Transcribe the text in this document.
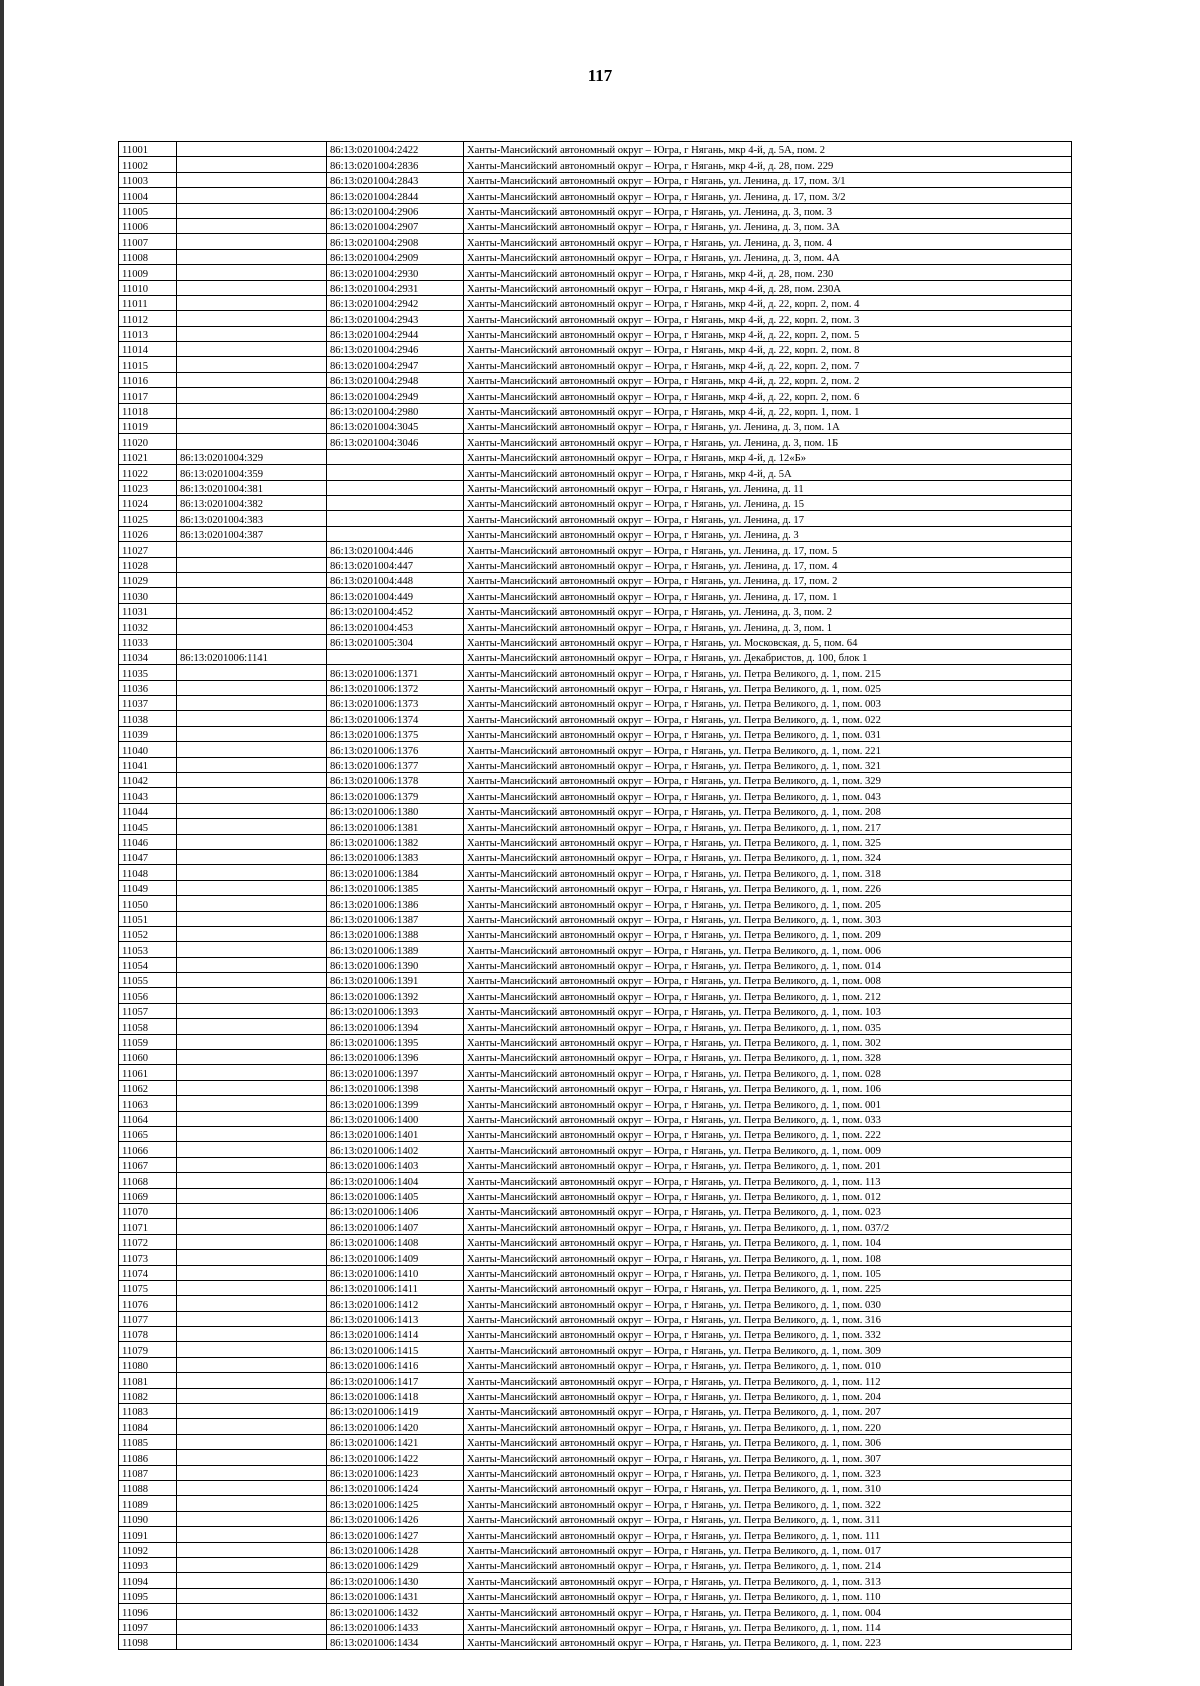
117
11001		86:13:0201004:2422	Ханты-Мансийский автономный округ – Югра, г Нягань, мкр 4-й, д. 5А, пом. 2
11002		86:13:0201004:2836	Ханты-Мансийский автономный округ – Югра, г Нягань, мкр 4-й, д. 28, пом. 229
11003		86:13:0201004:2843	Ханты-Мансийский автономный округ – Югра, г Нягань, ул. Ленина, д. 17, пом. 3/1
11004		86:13:0201004:2844	Ханты-Мансийский автономный округ – Югра, г Нягань, ул. Ленина, д. 17, пом. 3/2
11005		86:13:0201004:2906	Ханты-Мансийский автономный округ – Югра, г Нягань, ул. Ленина, д. 3, пом. 3
11006		86:13:0201004:2907	Ханты-Мансийский автономный округ – Югра, г Нягань, ул. Ленина, д. 3, пом. 3А
11007		86:13:0201004:2908	Ханты-Мансийский автономный округ – Югра, г Нягань, ул. Ленина, д. 3, пом. 4
11008		86:13:0201004:2909	Ханты-Мансийский автономный округ – Югра, г Нягань, ул. Ленина, д. 3, пом. 4А
11009		86:13:0201004:2930	Ханты-Мансийский автономный округ – Югра, г Нягань, мкр 4-й, д. 28, пом. 230
11010		86:13:0201004:2931	Ханты-Мансийский автономный округ – Югра, г Нягань, мкр 4-й, д. 28, пом. 230А
11011		86:13:0201004:2942	Ханты-Мансийский автономный округ – Югра, г Нягань, мкр 4-й, д. 22, корп. 2, пом. 4
11012		86:13:0201004:2943	Ханты-Мансийский автономный округ – Югра, г Нягань, мкр 4-й, д. 22, корп. 2, пом. 3
11013		86:13:0201004:2944	Ханты-Мансийский автономный округ – Югра, г Нягань, мкр 4-й, д. 22, корп. 2, пом. 5
11014		86:13:0201004:2946	Ханты-Мансийский автономный округ – Югра, г Нягань, мкр 4-й, д. 22, корп. 2, пом. 8
11015		86:13:0201004:2947	Ханты-Мансийский автономный округ – Югра, г Нягань, мкр 4-й, д. 22, корп. 2, пом. 7
11016		86:13:0201004:2948	Ханты-Мансийский автономный округ – Югра, г Нягань, мкр 4-й, д. 22, корп. 2, пом. 2
11017		86:13:0201004:2949	Ханты-Мансийский автономный округ – Югра, г Нягань, мкр 4-й, д. 22, корп. 2, пом. 6
11018		86:13:0201004:2980	Ханты-Мансийский автономный округ – Югра, г Нягань, мкр 4-й, д. 22, корп. 1, пом. 1
11019		86:13:0201004:3045	Ханты-Мансийский автономный округ – Югра, г Нягань, ул. Ленина, д. 3, пом. 1А
11020		86:13:0201004:3046	Ханты-Мансийский автономный округ – Югра, г Нягань, ул. Ленина, д. 3, пом. 1Б
11021	86:13:0201004:329		Ханты-Мансийский автономный округ – Югра, г Нягань, мкр 4-й, д. 12«Б»
11022	86:13:0201004:359		Ханты-Мансийский автономный округ – Югра, г Нягань, мкр 4-й, д. 5А
11023	86:13:0201004:381		Ханты-Мансийский автономный округ – Югра, г Нягань, ул. Ленина, д. 11
11024	86:13:0201004:382		Ханты-Мансийский автономный округ – Югра, г Нягань, ул. Ленина, д. 15
11025	86:13:0201004:383		Ханты-Мансийский автономный округ – Югра, г Нягань, ул. Ленина, д. 17
11026	86:13:0201004:387		Ханты-Мансийский автономный округ – Югра, г Нягань, ул. Ленина, д. 3
11027		86:13:0201004:446	Ханты-Мансийский автономный округ – Югра, г Нягань, ул. Ленина, д. 17, пом. 5
11028		86:13:0201004:447	Ханты-Мансийский автономный округ – Югра, г Нягань, ул. Ленина, д. 17, пом. 4
11029		86:13:0201004:448	Ханты-Мансийский автономный округ – Югра, г Нягань, ул. Ленина, д. 17, пом. 2
11030		86:13:0201004:449	Ханты-Мансийский автономный округ – Югра, г Нягань, ул. Ленина, д. 17, пом. 1
11031		86:13:0201004:452	Ханты-Мансийский автономный округ – Югра, г Нягань, ул. Ленина, д. 3, пом. 2
11032		86:13:0201004:453	Ханты-Мансийский автономный округ – Югра, г Нягань, ул. Ленина, д. 3, пом. 1
11033		86:13:0201005:304	Ханты-Мансийский автономный округ – Югра, г Нягань, ул. Московская, д. 5, пом. 64
11034	86:13:0201006:1141		Ханты-Мансийский автономный округ – Югра, г Нягань, ул. Декабристов, д. 100, блок 1
11035		86:13:0201006:1371	Ханты-Мансийский автономный округ – Югра, г Нягань, ул. Петра Великого, д. 1, пом. 215
11036		86:13:0201006:1372	Ханты-Мансийский автономный округ – Югра, г Нягань, ул. Петра Великого, д. 1, пом. 025
11037		86:13:0201006:1373	Ханты-Мансийский автономный округ – Югра, г Нягань, ул. Петра Великого, д. 1, пом. 003
11038		86:13:0201006:1374	Ханты-Мансийский автономный округ – Югра, г Нягань, ул. Петра Великого, д. 1, пом. 022
11039		86:13:0201006:1375	Ханты-Мансийский автономный округ – Югра, г Нягань, ул. Петра Великого, д. 1, пом. 031
11040		86:13:0201006:1376	Ханты-Мансийский автономный округ – Югра, г Нягань, ул. Петра Великого, д. 1, пом. 221
11041		86:13:0201006:1377	Ханты-Мансийский автономный округ – Югра, г Нягань, ул. Петра Великого, д. 1, пом. 321
11042		86:13:0201006:1378	Ханты-Мансийский автономный округ – Югра, г Нягань, ул. Петра Великого, д. 1, пом. 329
11043		86:13:0201006:1379	Ханты-Мансийский автономный округ – Югра, г Нягань, ул. Петра Великого, д. 1, пом. 043
11044		86:13:0201006:1380	Ханты-Мансийский автономный округ – Югра, г Нягань, ул. Петра Великого, д. 1, пом. 208
11045		86:13:0201006:1381	Ханты-Мансийский автономный округ – Югра, г Нягань, ул. Петра Великого, д. 1, пом. 217
11046		86:13:0201006:1382	Ханты-Мансийский автономный округ – Югра, г Нягань, ул. Петра Великого, д. 1, пом. 325
11047		86:13:0201006:1383	Ханты-Мансийский автономный округ – Югра, г Нягань, ул. Петра Великого, д. 1, пом. 324
11048		86:13:0201006:1384	Ханты-Мансийский автономный округ – Югра, г Нягань, ул. Петра Великого, д. 1, пом. 318
11049		86:13:0201006:1385	Ханты-Мансийский автономный округ – Югра, г Нягань, ул. Петра Великого, д. 1, пом. 226
11050		86:13:0201006:1386	Ханты-Мансийский автономный округ – Югра, г Нягань, ул. Петра Великого, д. 1, пом. 205
11051		86:13:0201006:1387	Ханты-Мансийский автономный округ – Югра, г Нягань, ул. Петра Великого, д. 1, пом. 303
11052		86:13:0201006:1388	Ханты-Мансийский автономный округ – Югра, г Нягань, ул. Петра Великого, д. 1, пом. 209
11053		86:13:0201006:1389	Ханты-Мансийский автономный округ – Югра, г Нягань, ул. Петра Великого, д. 1, пом. 006
11054		86:13:0201006:1390	Ханты-Мансийский автономный округ – Югра, г Нягань, ул. Петра Великого, д. 1, пом. 014
11055		86:13:0201006:1391	Ханты-Мансийский автономный округ – Югра, г Нягань, ул. Петра Великого, д. 1, пом. 008
11056		86:13:0201006:1392	Ханты-Мансийский автономный округ – Югра, г Нягань, ул. Петра Великого, д. 1, пом. 212
11057		86:13:0201006:1393	Ханты-Мансийский автономный округ – Югра, г Нягань, ул. Петра Великого, д. 1, пом. 103
11058		86:13:0201006:1394	Ханты-Мансийский автономный округ – Югра, г Нягань, ул. Петра Великого, д. 1, пом. 035
11059		86:13:0201006:1395	Ханты-Мансийский автономный округ – Югра, г Нягань, ул. Петра Великого, д. 1, пом. 302
11060		86:13:0201006:1396	Ханты-Мансийский автономный округ – Югра, г Нягань, ул. Петра Великого, д. 1, пом. 328
11061		86:13:0201006:1397	Ханты-Мансийский автономный округ – Югра, г Нягань, ул. Петра Великого, д. 1, пом. 028
11062		86:13:0201006:1398	Ханты-Мансийский автономный округ – Югра, г Нягань, ул. Петра Великого, д. 1, пом. 106
11063		86:13:0201006:1399	Ханты-Мансийский автономный округ – Югра, г Нягань, ул. Петра Великого, д. 1, пом. 001
11064		86:13:0201006:1400	Ханты-Мансийский автономный округ – Югра, г Нягань, ул. Петра Великого, д. 1, пом. 033
11065		86:13:0201006:1401	Ханты-Мансийский автономный округ – Югра, г Нягань, ул. Петра Великого, д. 1, пом. 222
11066		86:13:0201006:1402	Ханты-Мансийский автономный округ – Югра, г Нягань, ул. Петра Великого, д. 1, пом. 009
11067		86:13:0201006:1403	Ханты-Мансийский автономный округ – Югра, г Нягань, ул. Петра Великого, д. 1, пом. 201
11068		86:13:0201006:1404	Ханты-Мансийский автономный округ – Югра, г Нягань, ул. Петра Великого, д. 1, пом. 113
11069		86:13:0201006:1405	Ханты-Мансийский автономный округ – Югра, г Нягань, ул. Петра Великого, д. 1, пом. 012
11070		86:13:0201006:1406	Ханты-Мансийский автономный округ – Югра, г Нягань, ул. Петра Великого, д. 1, пом. 023
11071		86:13:0201006:1407	Ханты-Мансийский автономный округ – Югра, г Нягань, ул. Петра Великого, д. 1, пом. 037/2
11072		86:13:0201006:1408	Ханты-Мансийский автономный округ – Югра, г Нягань, ул. Петра Великого, д. 1, пом. 104
11073		86:13:0201006:1409	Ханты-Мансийский автономный округ – Югра, г Нягань, ул. Петра Великого, д. 1, пом. 108
11074		86:13:0201006:1410	Ханты-Мансийский автономный округ – Югра, г Нягань, ул. Петра Великого, д. 1, пом. 105
11075		86:13:0201006:1411	Ханты-Мансийский автономный округ – Югра, г Нягань, ул. Петра Великого, д. 1, пом. 225
11076		86:13:0201006:1412	Ханты-Мансийский автономный округ – Югра, г Нягань, ул. Петра Великого, д. 1, пом. 030
11077		86:13:0201006:1413	Ханты-Мансийский автономный округ – Югра, г Нягань, ул. Петра Великого, д. 1, пом. 316
11078		86:13:0201006:1414	Ханты-Мансийский автономный округ – Югра, г Нягань, ул. Петра Великого, д. 1, пом. 332
11079		86:13:0201006:1415	Ханты-Мансийский автономный округ – Югра, г Нягань, ул. Петра Великого, д. 1, пом. 309
11080		86:13:0201006:1416	Ханты-Мансийский автономный округ – Югра, г Нягань, ул. Петра Великого, д. 1, пом. 010
11081		86:13:0201006:1417	Ханты-Мансийский автономный округ – Югра, г Нягань, ул. Петра Великого, д. 1, пом. 112
11082		86:13:0201006:1418	Ханты-Мансийский автономный округ – Югра, г Нягань, ул. Петра Великого, д. 1, пом. 204
11083		86:13:0201006:1419	Ханты-Мансийский автономный округ – Югра, г Нягань, ул. Петра Великого, д. 1, пом. 207
11084		86:13:0201006:1420	Ханты-Мансийский автономный округ – Югра, г Нягань, ул. Петра Великого, д. 1, пом. 220
11085		86:13:0201006:1421	Ханты-Мансийский автономный округ – Югра, г Нягань, ул. Петра Великого, д. 1, пом. 306
11086		86:13:0201006:1422	Ханты-Мансийский автономный округ – Югра, г Нягань, ул. Петра Великого, д. 1, пом. 307
11087		86:13:0201006:1423	Ханты-Мансийский автономный округ – Югра, г Нягань, ул. Петра Великого, д. 1, пом. 323
11088		86:13:0201006:1424	Ханты-Мансийский автономный округ – Югра, г Нягань, ул. Петра Великого, д. 1, пом. 310
11089		86:13:0201006:1425	Ханты-Мансийский автономный округ – Югра, г Нягань, ул. Петра Великого, д. 1, пом. 322
11090		86:13:0201006:1426	Ханты-Мансийский автономный округ – Югра, г Нягань, ул. Петра Великого, д. 1, пом. 311
11091		86:13:0201006:1427	Ханты-Мансийский автономный округ – Югра, г Нягань, ул. Петра Великого, д. 1, пом. 111
11092		86:13:0201006:1428	Ханты-Мансийский автономный округ – Югра, г Нягань, ул. Петра Великого, д. 1, пом. 017
11093		86:13:0201006:1429	Ханты-Мансийский автономный округ – Югра, г Нягань, ул. Петра Великого, д. 1, пом. 214
11094		86:13:0201006:1430	Ханты-Мансийский автономный округ – Югра, г Нягань, ул. Петра Великого, д. 1, пом. 313
11095		86:13:0201006:1431	Ханты-Мансийский автономный округ – Югра, г Нягань, ул. Петра Великого, д. 1, пом. 110
11096		86:13:0201006:1432	Ханты-Мансийский автономный округ – Югра, г Нягань, ул. Петра Великого, д. 1, пом. 004
11097		86:13:0201006:1433	Ханты-Мансийский автономный округ – Югра, г Нягань, ул. Петра Великого, д. 1, пом. 114
11098		86:13:0201006:1434	Ханты-Мансийский автономный округ – Югра, г Нягань, ул. Петра Великого, д. 1, пом. 223
